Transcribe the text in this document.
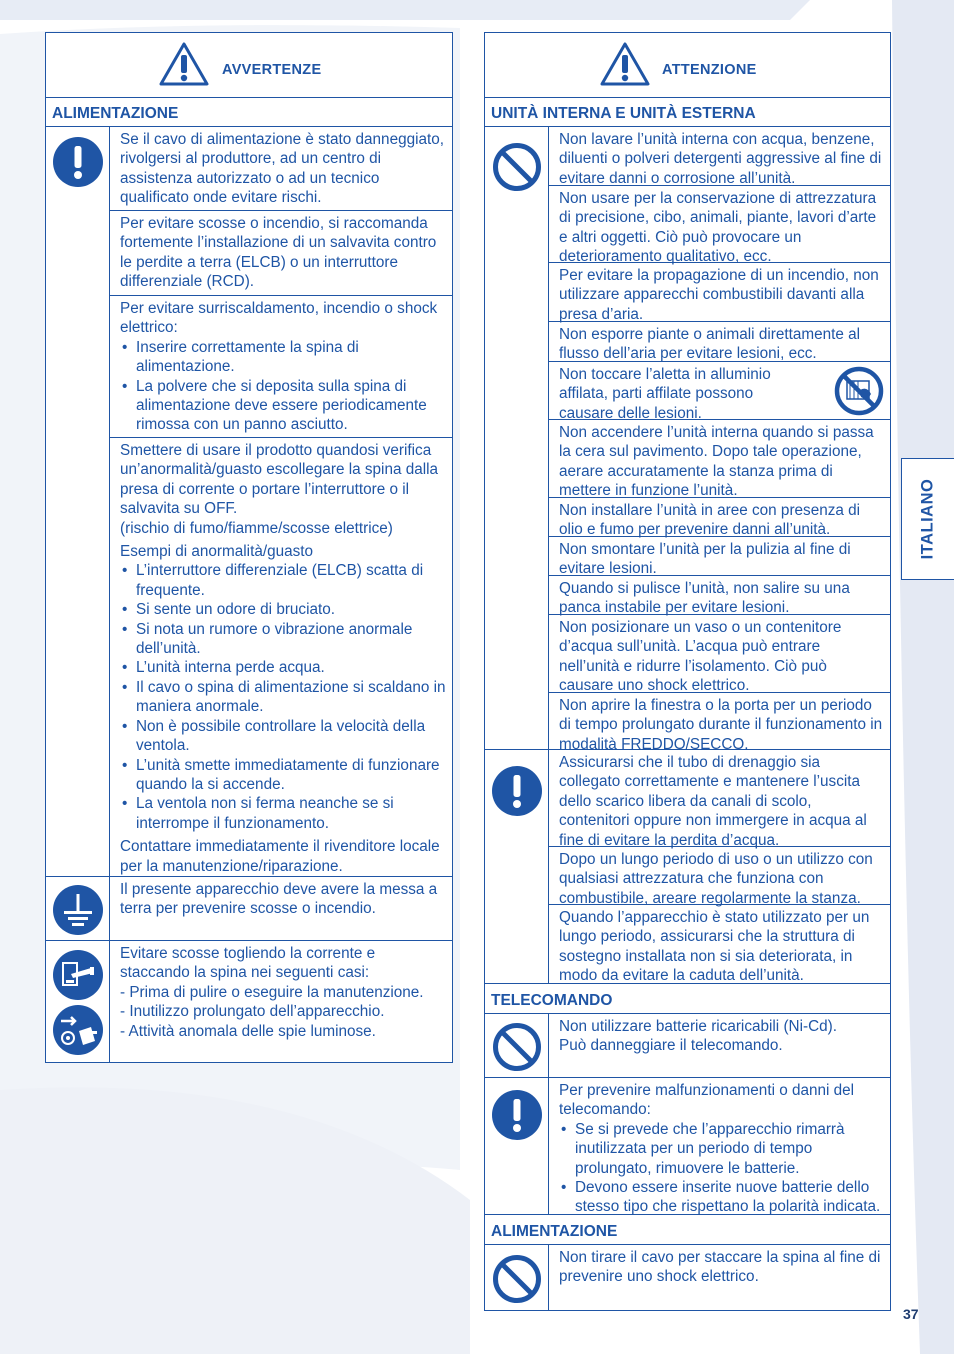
AVVERTENZE
ALIMENTAZIONE

Se il cavo di alimentazione è stato danneggiato, rivolgersi al produttore, ad un centro di assistenza autorizzato o ad un tecnico qualificato onde evitare rischi.

Per evitare scosse o incendio, si raccomanda fortemente l’installazione di un salvavita contro le perdite a terra (ELCB) o un interruttore differenziale (RCD).

Per evitare surriscaldamento, incendio o shock elettrico:

• Inserire correttamente la spina di alimentazione.
• La polvere che si deposita sulla spina di alimentazione deve essere periodicamente rimossa con un panno asciutto.

Smettere di usare il prodotto quandosi verifica un’anormalità/guasto escollegare la spina dalla presa di corrente o portare l’interruttore o il salvavita su OFF.

(rischio di fumo/fiamme/scosse elettrice)

Esempi di anormalità/guasto

• L’interruttore differenziale (ELCB) scatta di frequente.
• Si sente un odore di bruciato.
• Si nota un rumore o vibrazione anormale dell’unità.
• L’unità interna perde acqua.
• Il cavo o spina di alimentazione si scaldano in maniera anormale.
• Non è possibile controllare la velocità della ventola.
• L’unità smette immediatamente di funzionare quando la si accende.
• La ventola non si ferma neanche se si interrompe il funzionamento.

Contattare immediatamente il rivenditore locale per la manutenzione/riparazione.

Il presente apparecchio deve avere la messa a terra per prevenire scosse o incendio.

Evitare scosse togliendo la corrente e staccando la spina nei seguenti casi:

- Prima di pulire o eseguire la manutenzione.

- Inutilizzo prolungato dell’apparecchio.

- Attività anomala delle spie luminose.

ATTENZIONE
UNITÀ INTERNA E UNITÀ ESTERNA

Non lavare l’unità interna con acqua, benzene, diluenti o polveri detergenti aggressive al fine di evitare danni o corrosione all’unità.

Non usare per la conservazione di attrezzatura di precisione, cibo, animali, piante, lavori d’arte e altri oggetti. Ciò può provocare un deterioramento qualitativo, ecc.

Per evitare la propagazione di un incendio, non utilizzare apparecchi combustibili davanti alla presa d’aria.

Non esporre piante o animali direttamente al flusso dell’aria per evitare lesioni, ecc.

Non toccare l’aletta in alluminio affilata, parti affilate possono causare delle lesioni.

Non accendere l’unità interna quando si passa la cera sul pavimento. Dopo tale operazione, aerare accuratamente la stanza prima di mettere in funzione l’unità.

Non installare l’unità in aree con presenza di olio e fumo per prevenire danni all’unità.

Non smontare l’unità per la pulizia al fine di evitare lesioni.

Quando si pulisce l’unità, non salire su una panca instabile per evitare lesioni.

Non posizionare un vaso o un contenitore d’acqua sull’unità. L’acqua può entrare nell’unità e ridurre l’isolamento. Ciò può causare uno shock elettrico.

Non aprire la finestra o la porta per un periodo di tempo prolungato durante il funzionamento in modalità FREDDO/SECCO.

Assicurarsi che il tubo di drenaggio sia collegato correttamente e mantenere l’uscita dello scarico libera da canali di scolo, contenitori oppure non immergere in acqua al fine di evitare la perdita d’acqua.

Dopo un lungo periodo di uso o un utilizzo con qualsiasi attrezzatura che funziona con combustibile, areare regolarmente la stanza.

Quando l’apparecchio è stato utilizzato per un lungo periodo, assicurarsi che la struttura di sostegno installata non si sia deteriorata, in modo da evitare la caduta dell’unità.

TELECOMANDO

Non utilizzare batterie ricaricabili (Ni-Cd).

Può danneggiare il telecomando.

Per prevenire malfunzionamenti o danni del telecomando:

• Se si prevede che l’apparecchio rimarrà inutilizzata per un periodo di tempo prolungato, rimuovere le batterie.
• Devono essere inserite nuove batterie dello stesso tipo che rispettano la polarità indicata.
ALIMENTAZIONE

Non tirare il cavo per staccare la spina al fine di prevenire uno shock elettrico.

ITALIANO
37
